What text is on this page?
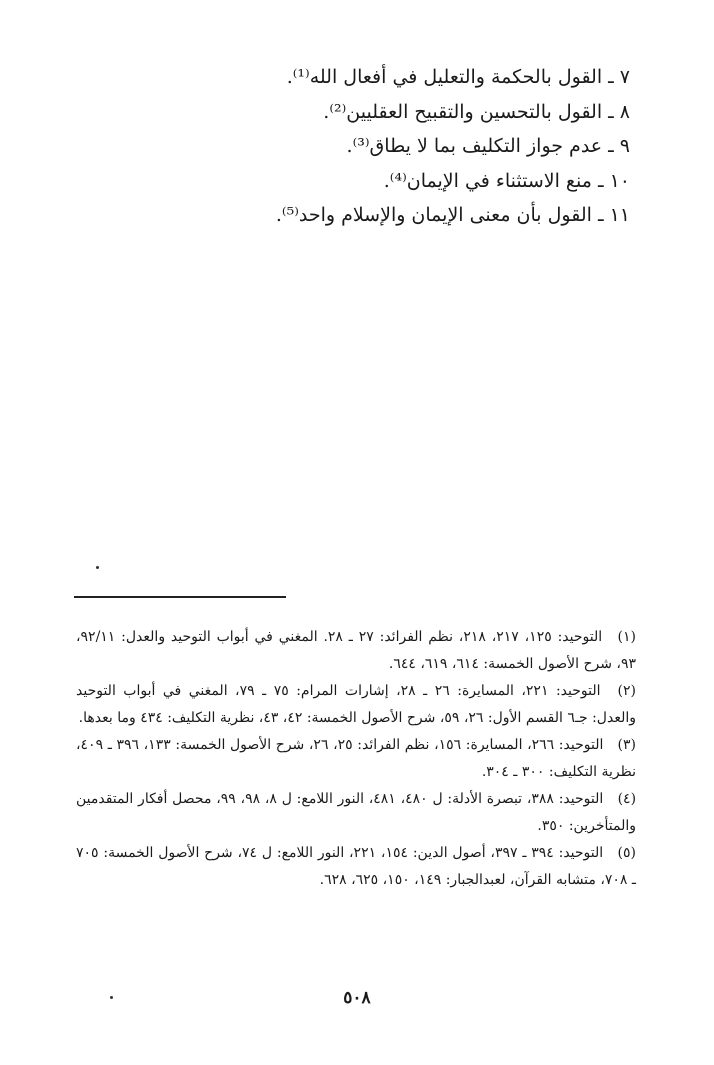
٧ ـ القول بالحكمة والتعليل في أفعال الله⁽¹⁾.
٨ ـ القول بالتحسين والتقبيح العقليين⁽²⁾.
٩ ـ عدم جواز التكليف بما لا يطاق⁽³⁾.
١٠ ـ منع الاستثناء في الإيمان⁽⁴⁾.
١١ ـ القول بأن معنى الإيمان والإسلام واحد⁽⁵⁾.
(١) التوحيد: ١٢٥، ٢١٧، ٢١٨، نظم الفرائد: ٢٧ ـ ٢٨. المغني في أبواب التوحيد والعدل: ٩٢/١١، ٩٣، شرح الأصول الخمسة: ٦١٤، ٦١٩، ٦٤٤.
(٢) التوحيد: ٢٢١، المسايرة: ٢٦ ـ ٢٨، إشارات المرام: ٧٥ ـ ٧٩، المغني في أبواب التوحيد والعدل: جـ٦ القسم الأول: ٢٦، ٥٩، شرح الأصول الخمسة: ٤٢، ٤٣، نظرية التكليف: ٤٣٤ وما بعدها.
(٣) التوحيد: ٢٦٦، المسايرة: ١٥٦، نظم الفرائد: ٢٥، ٢٦، شرح الأصول الخمسة: ١٣٣، ٣٩٦ ـ ٤٠٩، نظرية التكليف: ٣٠٠ ـ ٣٠٤.
(٤) التوحيد: ٣٨٨، تبصرة الأدلة: ل ٤٨٠، ٤٨١، النور اللامع: ل ٨، ٩٨، ٩٩، محصل أفكار المتقدمين والمتأخرين: ٣٥٠.
(٥) التوحيد: ٣٩٤ ـ ٣٩٧، أصول الدين: ١٥٤، ٢٢١، النور اللامع: ل ٧٤، شرح الأصول الخمسة: ٧٠٥ ـ ٧٠٨، متشابه القرآن، لعبدالجبار: ١٤٩، ١٥٠، ٦٢٥، ٦٢٨.
٥٠٨
